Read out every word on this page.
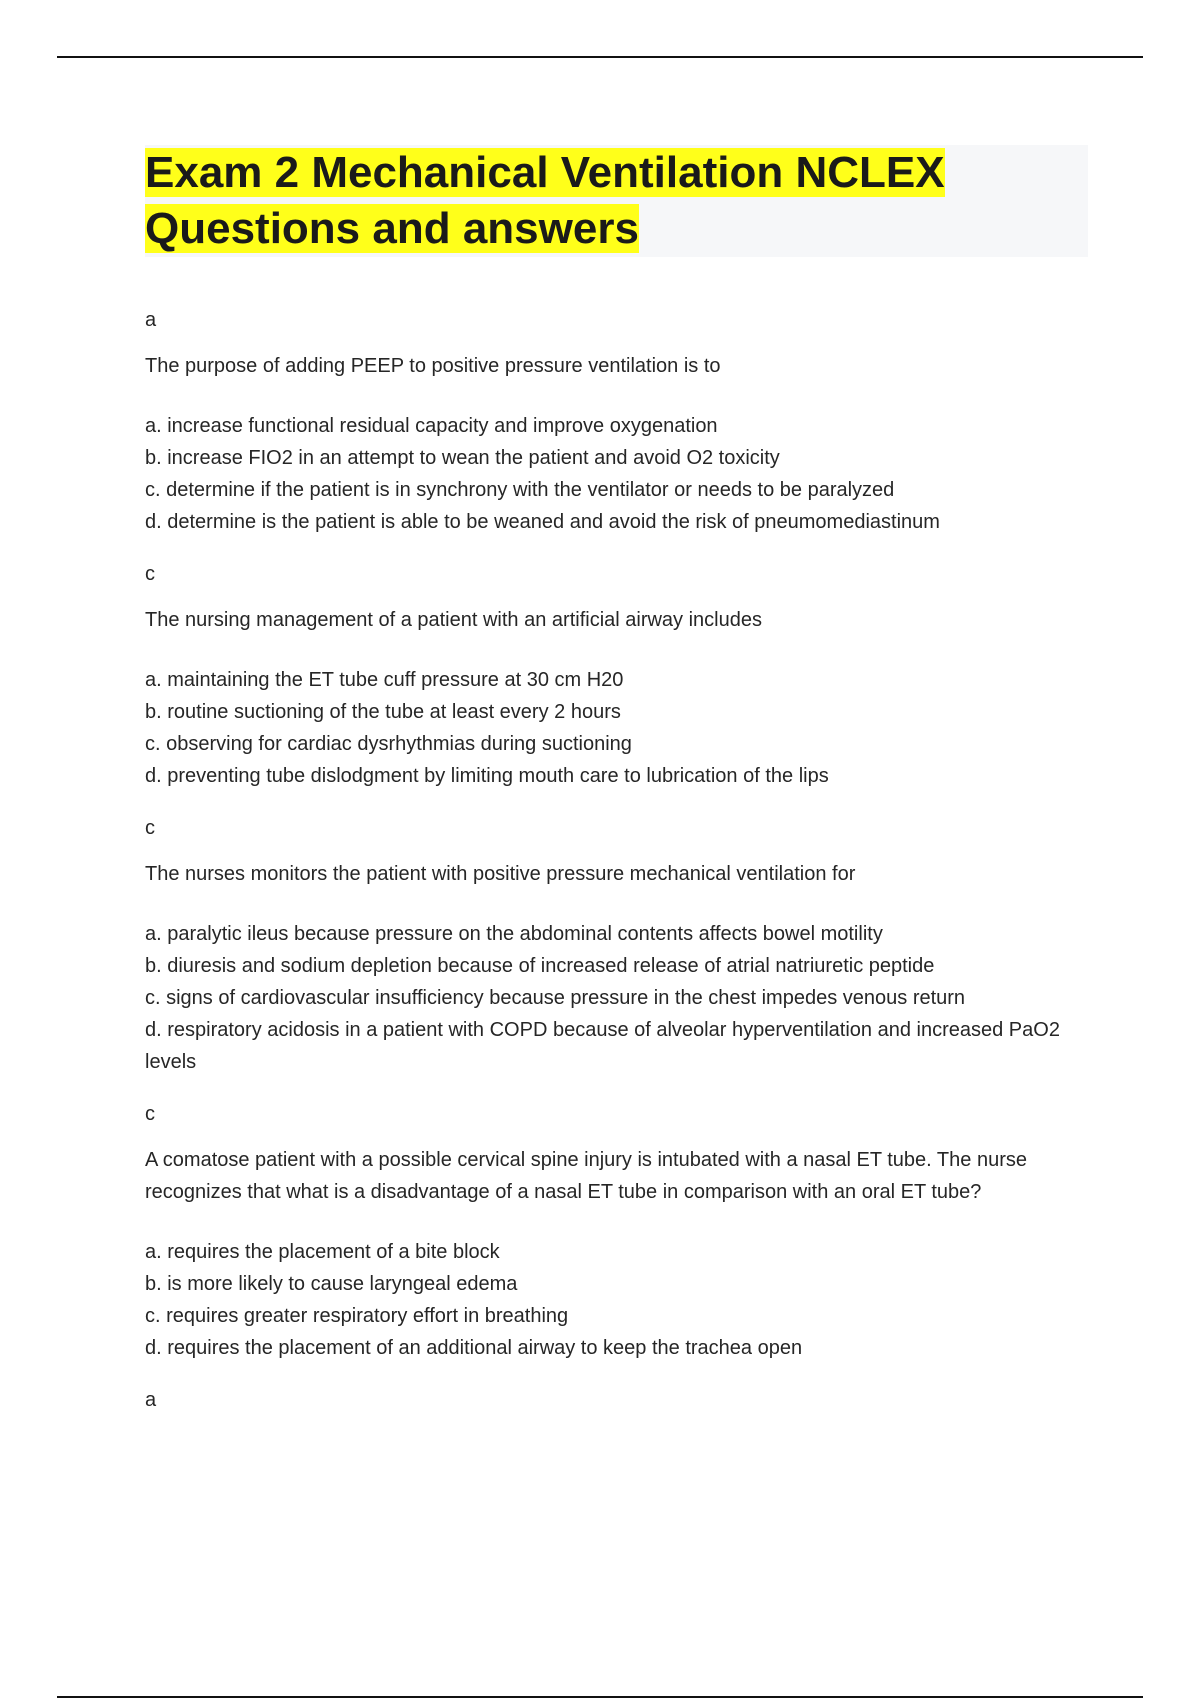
Exam 2 Mechanical Ventilation NCLEX Questions and answers
a
The purpose of adding PEEP to positive pressure ventilation is to
a. increase functional residual capacity and improve oxygenation
b. increase FIO2 in an attempt to wean the patient and avoid O2 toxicity
c. determine if the patient is in synchrony with the ventilator or needs to be paralyzed
d. determine is the patient is able to be weaned and avoid the risk of pneumomediastinum
c
The nursing management of a patient with an artificial airway includes
a. maintaining the ET tube cuff pressure at 30 cm H20
b. routine suctioning of the tube at least every 2 hours
c. observing for cardiac dysrhythmias during suctioning
d. preventing tube dislodgment by limiting mouth care to lubrication of the lips
c
The nurses monitors the patient with positive pressure mechanical ventilation for
a. paralytic ileus because pressure on the abdominal contents affects bowel motility
b. diuresis and sodium depletion because of increased release of atrial natriuretic peptide
c. signs of cardiovascular insufficiency because pressure in the chest impedes venous return
d. respiratory acidosis in a patient with COPD because of alveolar hyperventilation and increased PaO2 levels
c
A comatose patient with a possible cervical spine injury is intubated with a nasal ET tube. The nurse recognizes that what is a disadvantage of a nasal ET tube in comparison with an oral ET tube?
a. requires the placement of a bite block
b. is more likely to cause laryngeal edema
c. requires greater respiratory effort in breathing
d. requires the placement of an additional airway to keep the trachea open
a
